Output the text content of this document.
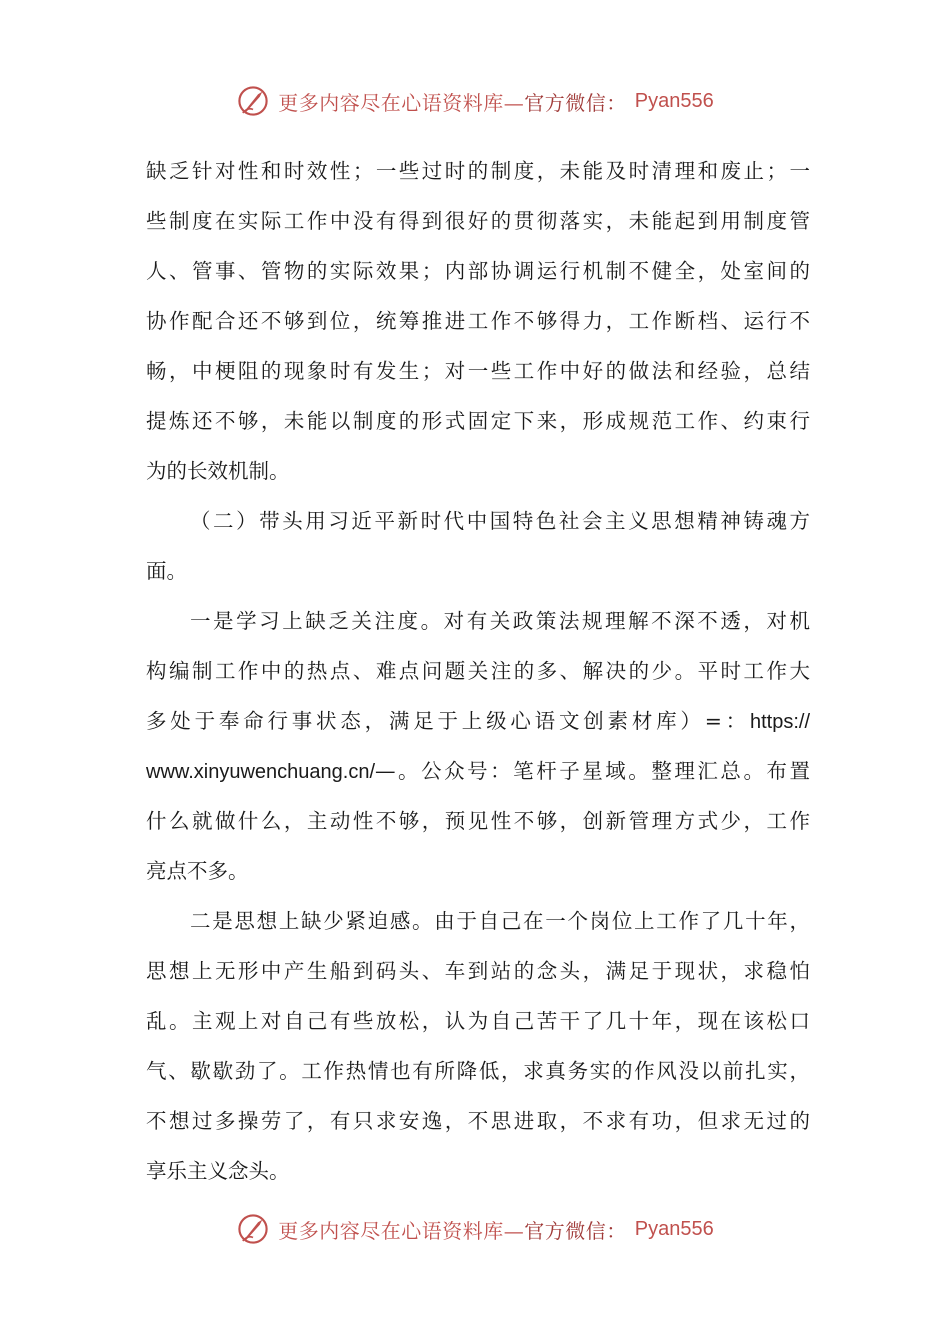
更多内容尽在心语资料库—官方微信： Pyan556
缺乏针对性和时效性；一些过时的制度，未能及时清理和废止；一
些制度在实际工作中没有得到很好的贯彻落实，未能起到用制度管
人、管事、管物的实际效果；内部协调运行机制不健全，处室间的
协作配合还不够到位，统筹推进工作不够得力，工作断档、运行不
畅，中梗阻的现象时有发生；对一些工作中好的做法和经验，总结
提炼还不够，未能以制度的形式固定下来，形成规范工作、约束行
为的长效机制。
（二）带头用习近平新时代中国特色社会主义思想精神铸魂方
面。
一是学习上缺乏关注度。对有关政策法规理解不深不透，对机
构编制工作中的热点、难点问题关注的多、解决的少。平时工作大
多处于奉命行事状态，满足于上级心语文创素材库）=：https://
www.xinyuwenchuang.cn/—。公众号：笔杆子星域。整理汇总。布置
什么就做什么，主动性不够，预见性不够，创新管理方式少，工作
亮点不多。
二是思想上缺少紧迫感。由于自己在一个岗位上工作了几十年，
思想上无形中产生船到码头、车到站的念头，满足于现状，求稳怕
乱。主观上对自己有些放松，认为自己苦干了几十年，现在该松口
气、歇歇劲了。工作热情也有所降低，求真务实的作风没以前扎实，
不想过多操劳了，有只求安逸，不思进取，不求有功，但求无过的
享乐主义念头。
更多内容尽在心语资料库—官方微信： Pyan556
